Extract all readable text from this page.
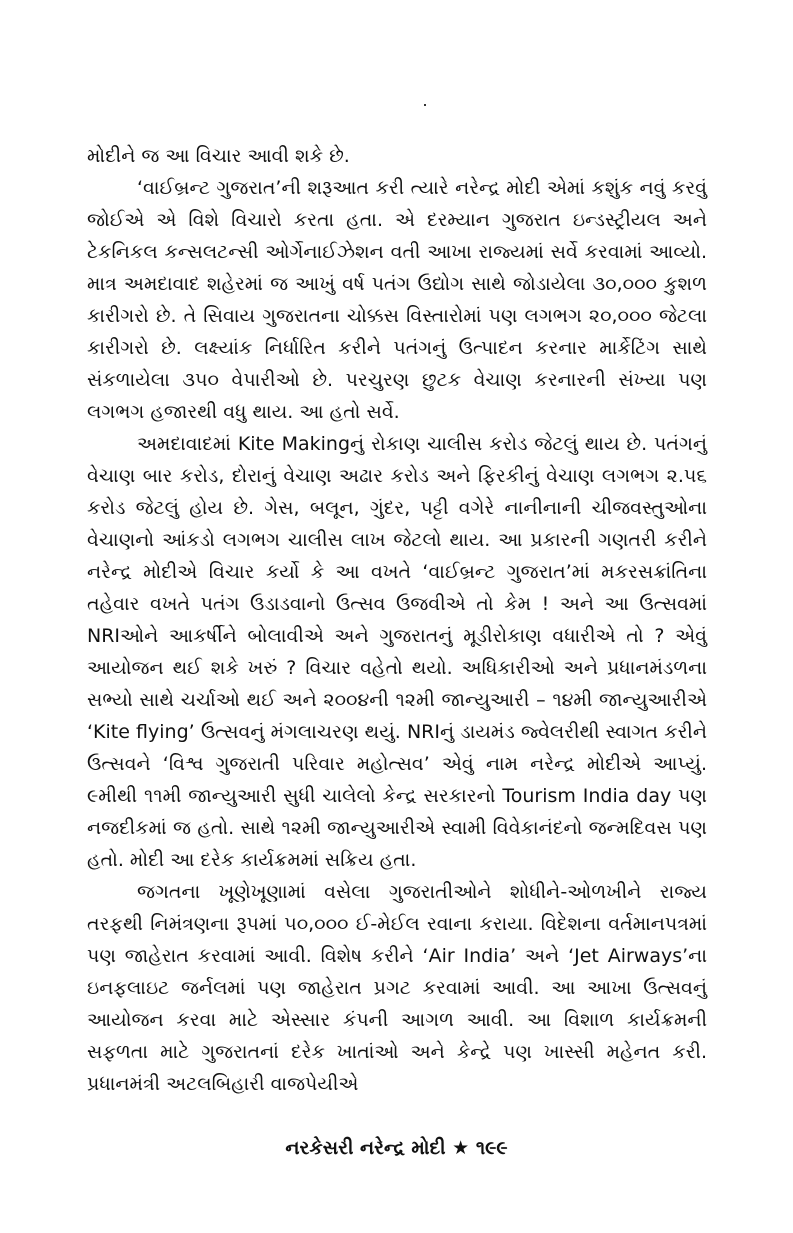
મોદીને જ આ વિચાર આવી શકે છે.

‘વાઈબ્રન્ટ ગુજરાત’ની શરૂઆત કરી ત્યારે નરેન્દ્ર મોદી એમાં કશુંક નવું કરવું જોઈએ એ વિશે વિચારો કરતા હતા. એ દરમ્યાન ગુજરાત ઇન્ડસ્ટ્રીયલ અને ટેકનિકલ કન્સલટન્સી ઓર્ગેનાઈઝેશન વતી આખા રાજ્યમાં સર્વે કરવામાં આવ્યો. માત્ર અમદાવાદ શહેરમાં જ આખું વર્ષ પતંગ ઉદ્યોગ સાથે જોડાયેલા ૩૦,૦૦૦ કુશળ કારીગરો છે. તે સિવાય ગુજરાતના ચોક્કસ વિસ્તારોમાં પણ લગભગ ૨૦,૦૦૦ જેટલા કારીગરો છે. લક્ષ્યાંક નિર્ધારિત કરીને પતંગનું ઉત્પાદન કરનાર માર્કેટિંગ સાથે સંકળાયેલા ૩૫૦ વેપારીઓ છે. પરચુરણ છુટક વેચાણ કરનારની સંખ્યા પણ લગભગ હજારથી વધુ થાય. આ હતો સર્વે.

અમદાવાદમાં Kite Makingનું રોકાણ ચાલીસ કરોડ જેટલું થાય છે. પતંગનું વેચાણ બાર કરોડ, દોરાનું વેચાણ અઢાર કરોડ અને ફિરકીનું વેચાણ લગભગ ૨.૫૬ કરોડ જેટલું હોય છે. ગેસ, બલૂન, ગુંદર, પટ્ટી વગેરે નાનીનાની ચીજવસ્તુઓના વેચાણનો આંકડો લગભગ ચાલીસ લાખ જેટલો થાય. આ પ્રકારની ગણતરી કરીને નરેન્દ્ર મોદીએ વિચાર કર્યો કે આ વખતે ‘વાઈબ્રન્ટ ગુજરાત’માં મકરસક્રાંતિના તહેવાર વખતે પતંગ ઉડાડવાનો ઉત્સવ ઉજવીએ તો કેમ ! અને આ ઉત્સવમાં NRIઓને આકર્ષીને બોલાવીએ અને ગુજરાતનું મૂડીરોકાણ વધારીએ તો ? એવું આયોજન થઈ શકે ખરું ? વિચાર વહેતો થયો. અધિકારીઓ અને પ્રધાનમંડળના સભ્યો સાથે ચર્ચાઓ થઈ અને ૨૦૦૪ની ૧૨મી જાન્યુઆરી – ૧૪મી જાન્યુઆરીએ ‘Kite flying’ ઉત્સવનું મંગલાચરણ થયું. NRIનું ડાયમંડ જ્વેલરીથી સ્વાગત કરીને ઉત્સવને ‘વિશ્વ ગુજરાતી પરિવાર મહોત્સવ’ એવું નામ નરેન્દ્ર મોદીએ આપ્યું. ૯મીથી ૧૧મી જાન્યુઆરી સુધી ચાલેલો કેન્દ્ર સરકારનો Tourism India day પણ નજદીકમાં જ હતો. સાથે ૧૨મી જાન્યુઆરીએ સ્વામી વિવેકાનંદનો જન્મદિવસ પણ હતો. મોદી આ દરેક કાર્યક્રમમાં સક્રિય હતા.

જગતના ખૂણેખૂણામાં વસેલા ગુજરાતીઓને શોધીને-ઓળખીને રાજ્ય તરફથી નિમંત્રણના રૂપમાં ૫૦,૦૦૦ ઈ-મેઈલ રવાના કરાયા. વિદેશના વર્તમાનપત્રમાં પણ જાહેરાત કરવામાં આવી. વિશેષ કરીને ‘Air India’ અને ‘Jet Airways’ના ઇનફલાઇટ જર્નલમાં પણ જાહેરાત પ્રગટ કરવામાં આવી. આ આખા ઉત્સવનું આયોજન કરવા માટે એસ્સાર કંપની આગળ આવી. આ વિશાળ કાર્યક્રમની સફળતા માટે ગુજરાતનાં દરેક ખાતાંઓ અને કેન્દ્રે પણ ખાસ્સી મહેનત કરી. પ્રધાનમંત્રી અટલબિહારી વાજપેયીએ

નરકેસરી નરેન્દ્ર મોદી ★ ૧૯૯
